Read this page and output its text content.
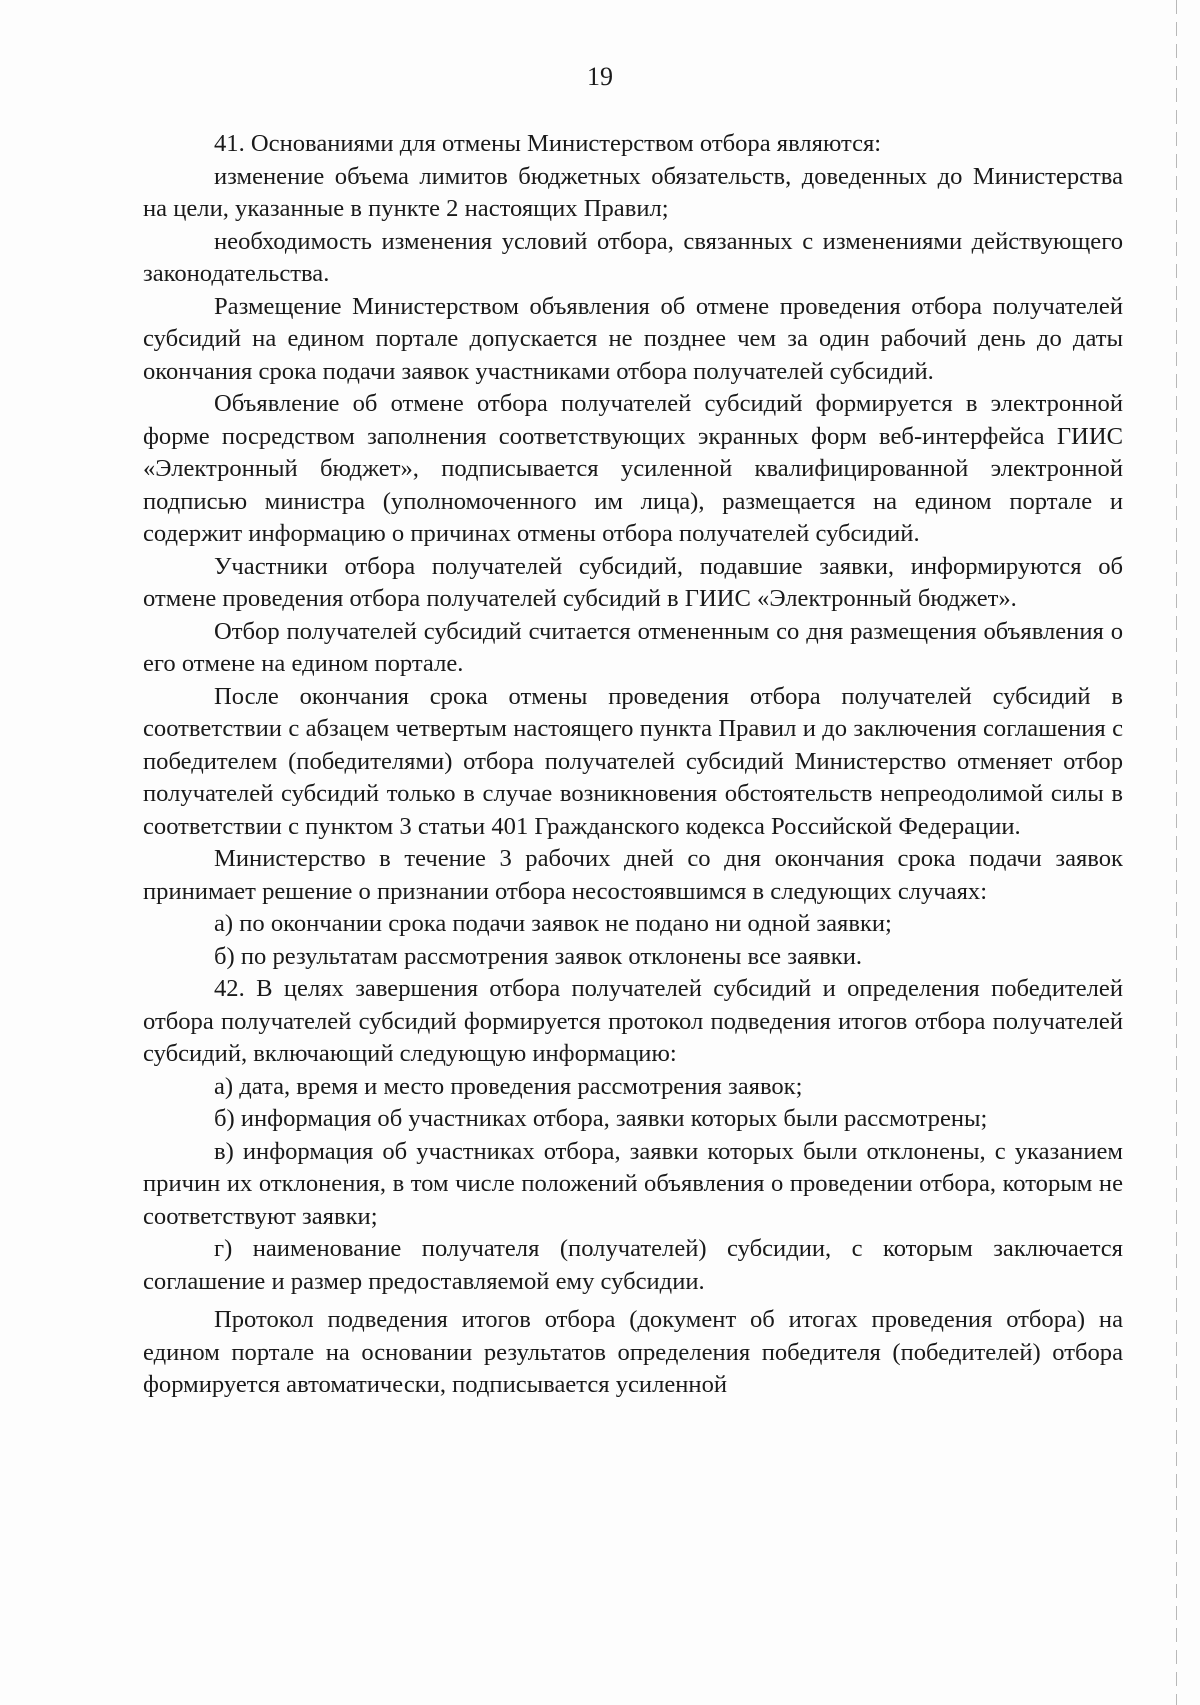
19

41. Основаниями для отмены Министерством отбора являются:

изменение объема лимитов бюджетных обязательств, доведенных до Министерства на цели, указанные в пункте 2 настоящих Правил;

необходимость изменения условий отбора, связанных с изменениями действующего законодательства.

Размещение Министерством объявления об отмене проведения отбора получателей субсидий на едином портале допускается не позднее чем за один рабочий день до даты окончания срока подачи заявок участниками отбора получателей субсидий.

Объявление об отмене отбора получателей субсидий формируется в электронной форме посредством заполнения соответствующих экранных форм веб-интерфейса ГИИС «Электронный бюджет», подписывается усиленной квалифицированной электронной подписью министра (уполномоченного им лица), размещается на едином портале и содержит информацию о причинах отмены отбора получателей субсидий.

Участники отбора получателей субсидий, подавшие заявки, информируются об отмене проведения отбора получателей субсидий в ГИИС «Электронный бюджет».

Отбор получателей субсидий считается отмененным со дня размещения объявления о его отмене на едином портале.

После окончания срока отмены проведения отбора получателей субсидий в соответствии с абзацем четвертым настоящего пункта Правил и до заключения соглашения с победителем (победителями) отбора получателей субсидий Министерство отменяет отбор получателей субсидий только в случае возникновения обстоятельств непреодолимой силы в соответствии с пунктом 3 статьи 401 Гражданского кодекса Российской Федерации.

Министерство в течение 3 рабочих дней со дня окончания срока подачи заявок принимает решение о признании отбора несостоявшимся в следующих случаях:

а) по окончании срока подачи заявок не подано ни одной заявки;

б) по результатам рассмотрения заявок отклонены все заявки.

42. В целях завершения отбора получателей субсидий и определения победителей отбора получателей субсидий формируется протокол подведения итогов отбора получателей субсидий, включающий следующую информацию:

а) дата, время и место проведения рассмотрения заявок;

б) информация об участниках отбора, заявки которых были рассмотрены;

в) информация об участниках отбора, заявки которых были отклонены, с указанием причин их отклонения, в том числе положений объявления о проведении отбора, которым не соответствуют заявки;

г) наименование получателя (получателей) субсидии, с которым заключается соглашение и размер предоставляемой ему субсидии.

Протокол подведения итогов отбора (документ об итогах проведения отбора) на едином портале на основании результатов определения победителя (победителей) отбора формируется автоматически, подписывается усиленной
